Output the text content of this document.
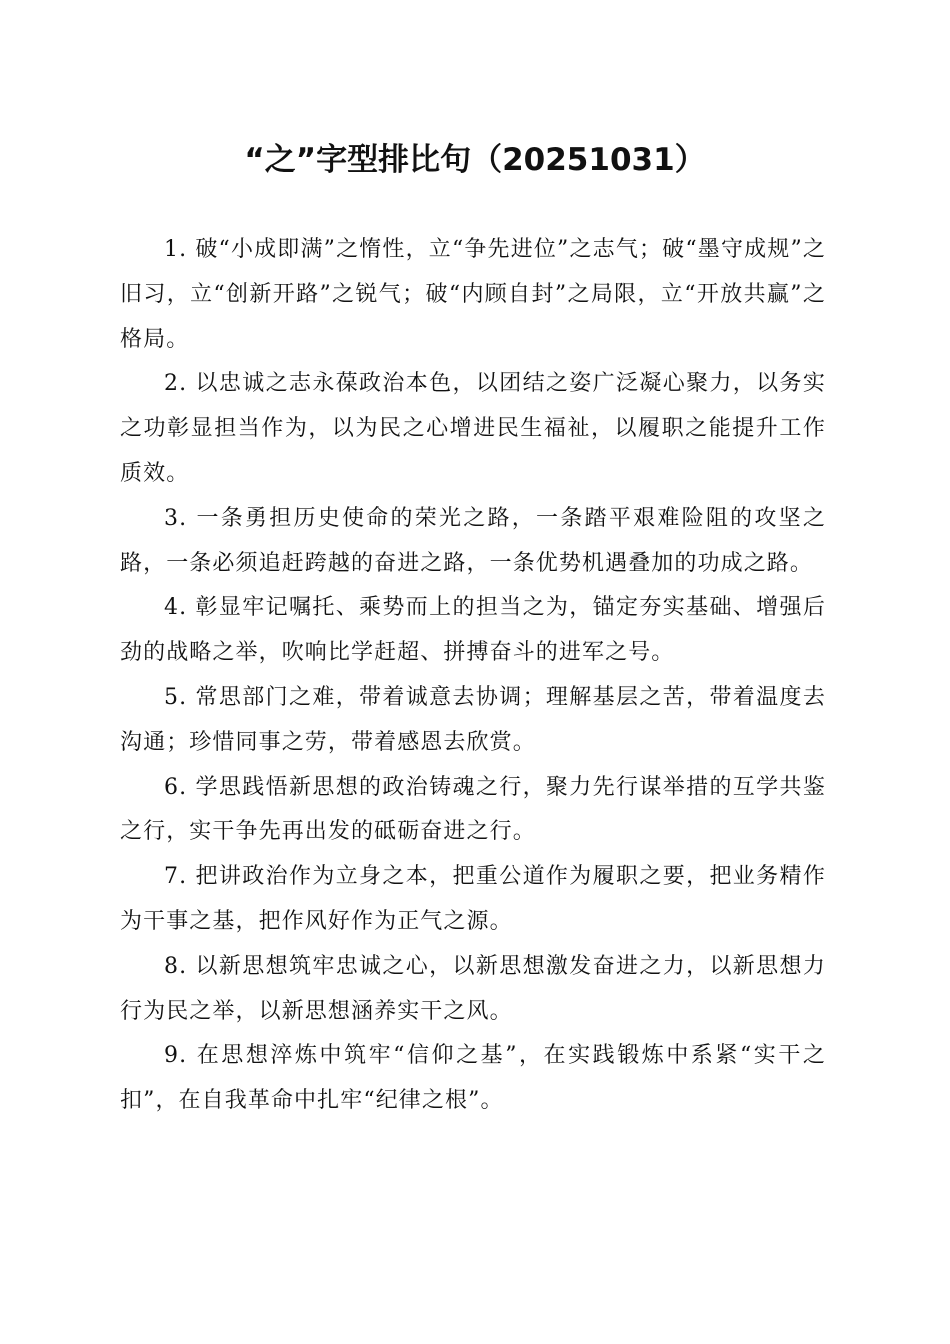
“之”字型排比句（20251031）

1. 破“小成即满”之惰性，立“争先进位”之志气；破“墨守成规”之旧习，立“创新开路”之锐气；破“内顾自封”之局限，立“开放共赢”之格局。

2. 以忠诚之志永葆政治本色，以团结之姿广泛凝心聚力，以务实之功彰显担当作为，以为民之心增进民生福祉，以履职之能提升工作质效。

3. 一条勇担历史使命的荣光之路，一条踏平艰难险阻的攻坚之路，一条必须追赶跨越的奋进之路，一条优势机遇叠加的功成之路。

4. 彰显牢记嘱托、乘势而上的担当之为，锚定夯实基础、增强后劲的战略之举，吹响比学赶超、拼搏奋斗的进军之号。

5. 常思部门之难，带着诚意去协调；理解基层之苦，带着温度去沟通；珍惜同事之劳，带着感恩去欣赏。

6. 学思践悟新思想的政治铸魂之行，聚力先行谋举措的互学共鉴之行，实干争先再出发的砥砺奋进之行。

7. 把讲政治作为立身之本，把重公道作为履职之要，把业务精作为干事之基，把作风好作为正气之源。

8. 以新思想筑牢忠诚之心，以新思想激发奋进之力，以新思想力行为民之举，以新思想涵养实干之风。

9. 在思想淬炼中筑牢“信仰之基”，在实践锻炼中系紧“实干之扣”，在自我革命中扎牢“纪律之根”。
